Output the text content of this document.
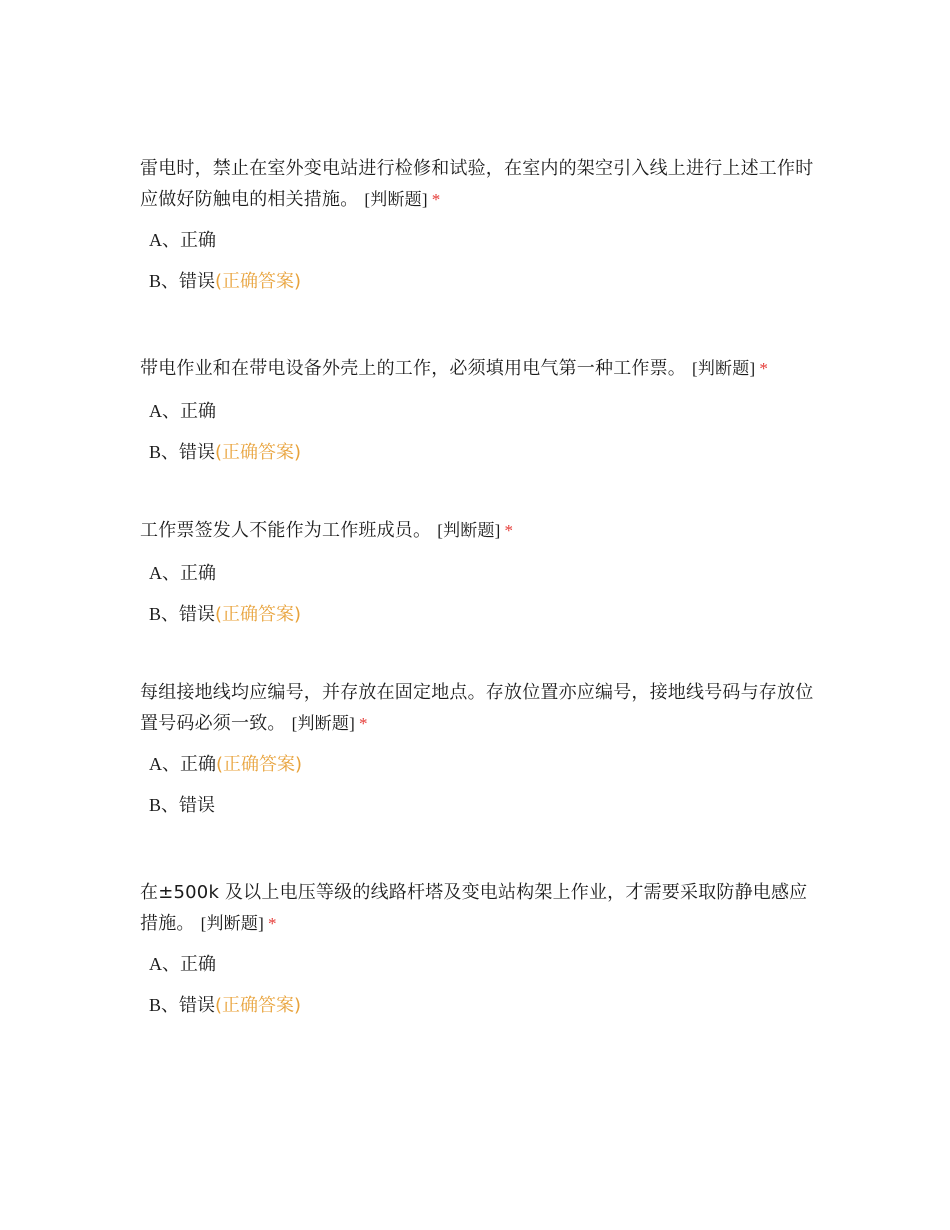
雷电时，禁止在室外变电站进行检修和试验，在室内的架空引入线上进行上述工作时应做好防触电的相关措施。 [判断题] *

A、正确
B、错误(正确答案)

带电作业和在带电设备外壳上的工作，必须填用电气第一种工作票。 [判断题] *

A、正确
B、错误(正确答案)

工作票签发人不能作为工作班成员。 [判断题] *

A、正确
B、错误(正确答案)

每组接地线均应编号，并存放在固定地点。存放位置亦应编号，接地线号码与存放位置号码必须一致。 [判断题] *

A、正确(正确答案)
B、错误

在±500k 及以上电压等级的线路杆塔及变电站构架上作业，才需要采取防静电感应措施。 [判断题] *

A、正确
B、错误(正确答案)
